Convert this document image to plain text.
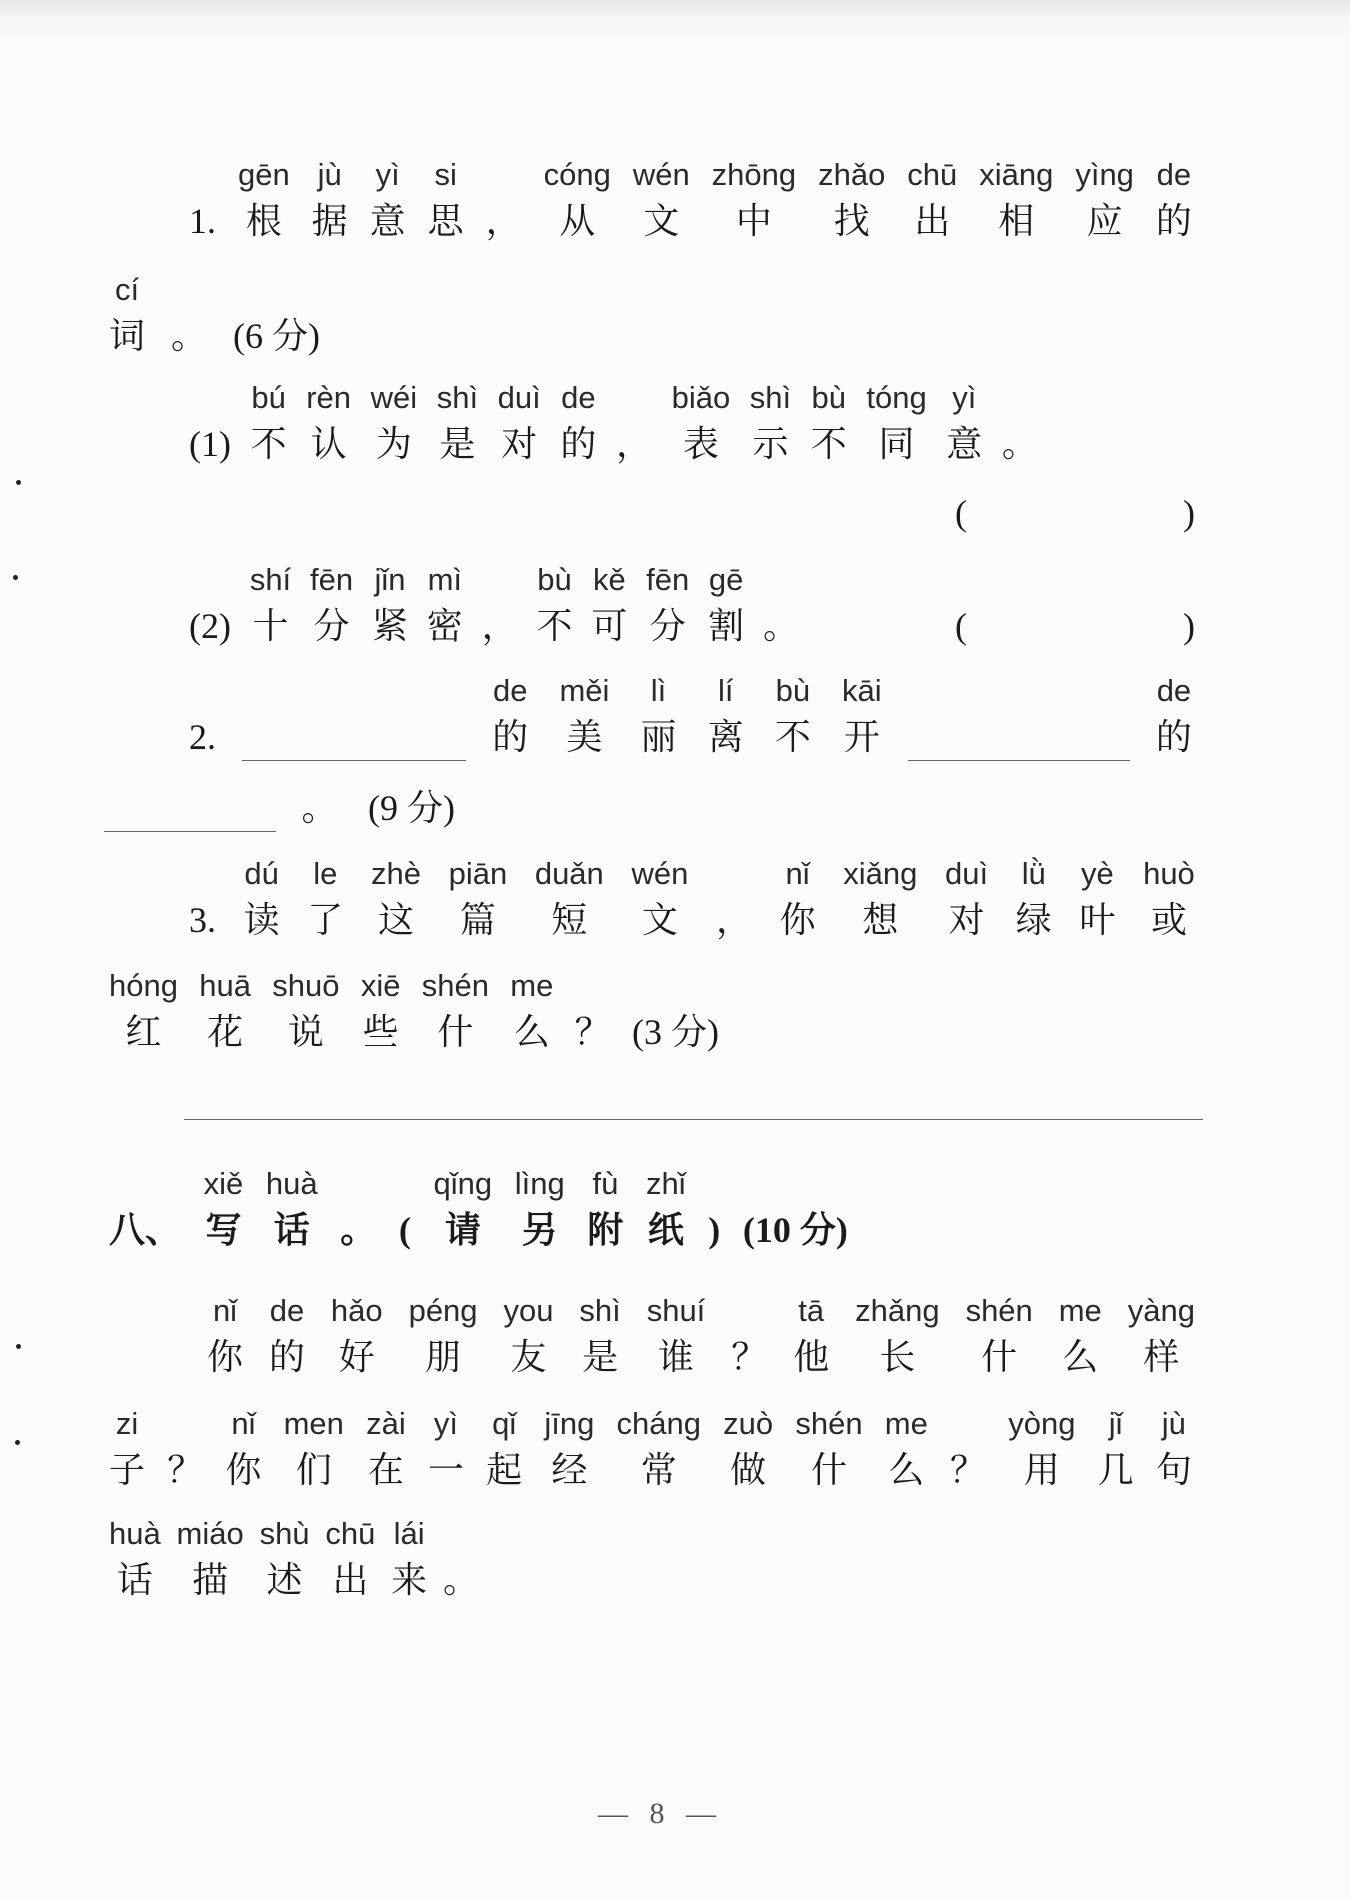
1.
gēn
根
jù
据
yì
意
si
思 ，
cóng
从
wén
文
zhōng
中
zhǎo
找
chū
出
xiāng
相
yìng
应
de
的
cí
词 。 (6 分)
(1)
bú
不
rèn
认
wéi
为
shì
是
duì
对
de
的 ，
biǎo
表
shì
示
bù
不
tóng
同
yì
意 。
(	)
(2)
shí
十
fēn
分
jǐn
紧
mì
密 ，
bù
不
kě
可
fēn
分
gē
割 。	(	)
2.
de
的
měi
美
lì
丽
lí
离
bù
不
kāi
开
de
的
。 (9 分)
3.
dú
读
le
了
zhè
这
piān
篇
duǎn
短
wén
文 ，
nǐ
你
xiǎng
想
duì
对
lǜ
绿
yè
叶
huò
或
hóng
红
huā
花
shuō
说
xiē
些
shén
什
me
么 ？ (3 分)
八、
xiě
写
huà
话 。 (
qǐng
请
lìng
另
fù
附
zhǐ
纸 ) (10 分)
nǐ
你
de
的
hǎo
好
péng
朋
you
友
shì
是
shuí
谁 ？
tā
他
zhǎng
长
shén
什
me
么
yàng
样
zi
子 ？
nǐ
你
men
们
zài
在
yì
一
qǐ
起
jīng
经
cháng
常
zuò
做
shén
什
me
么 ？
yòng
用
jǐ
几
jù
句
huà
话
miáo
描
shù
述
chū
出
lái
来 。
— 8 —
